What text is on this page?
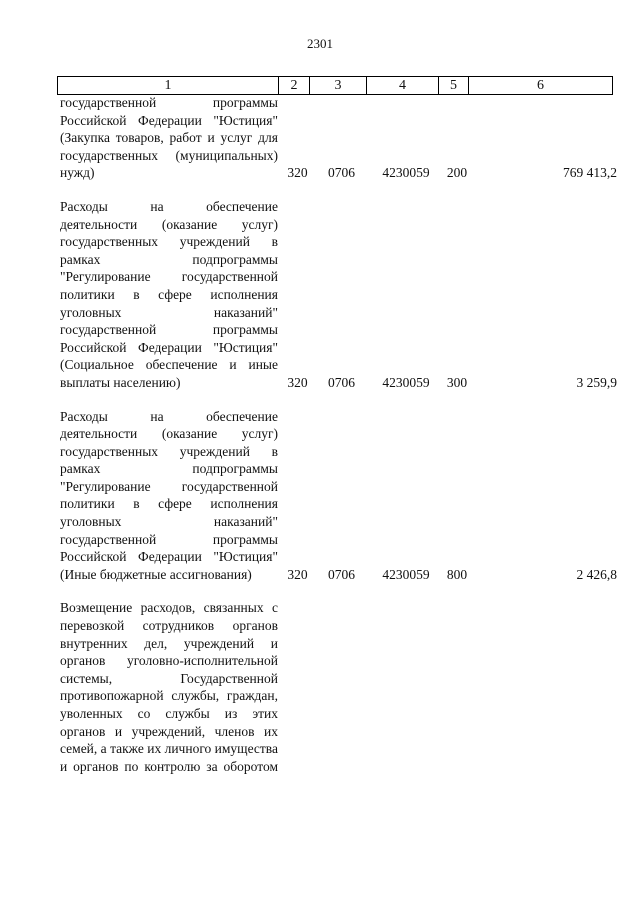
2301
1	2	3	4	5	6
государственной программы Российской Федерации "Юстиция" (Закупка товаров, работ и услуг для государственных (муниципальных) нужд)	320	0706	4230059	200	769 413,2
Расходы на обеспечение деятельности (оказание услуг) государственных учреждений в рамках подпрограммы "Регулирование государственной политики в сфере исполнения уголовных наказаний" государственной программы Российской Федерации "Юстиция" (Социальное обеспечение и иные выплаты населению)	320	0706	4230059	300	3 259,9
Расходы на обеспечение деятельности (оказание услуг) государственных учреждений в рамках подпрограммы "Регулирование государственной политики в сфере исполнения уголовных наказаний" государственной программы Российской Федерации "Юстиция" (Иные бюджетные ассигнования)	320	0706	4230059	800	2 426,8
Возмещение расходов, связанных с перевозкой сотрудников органов внутренних дел, учреждений и органов уголовно-исполнительной системы, Государственной противопожарной службы, граждан, уволенных со службы из этих органов и учреждений, членов их семей, а также их личного имущества и органов по контролю за оборотом
